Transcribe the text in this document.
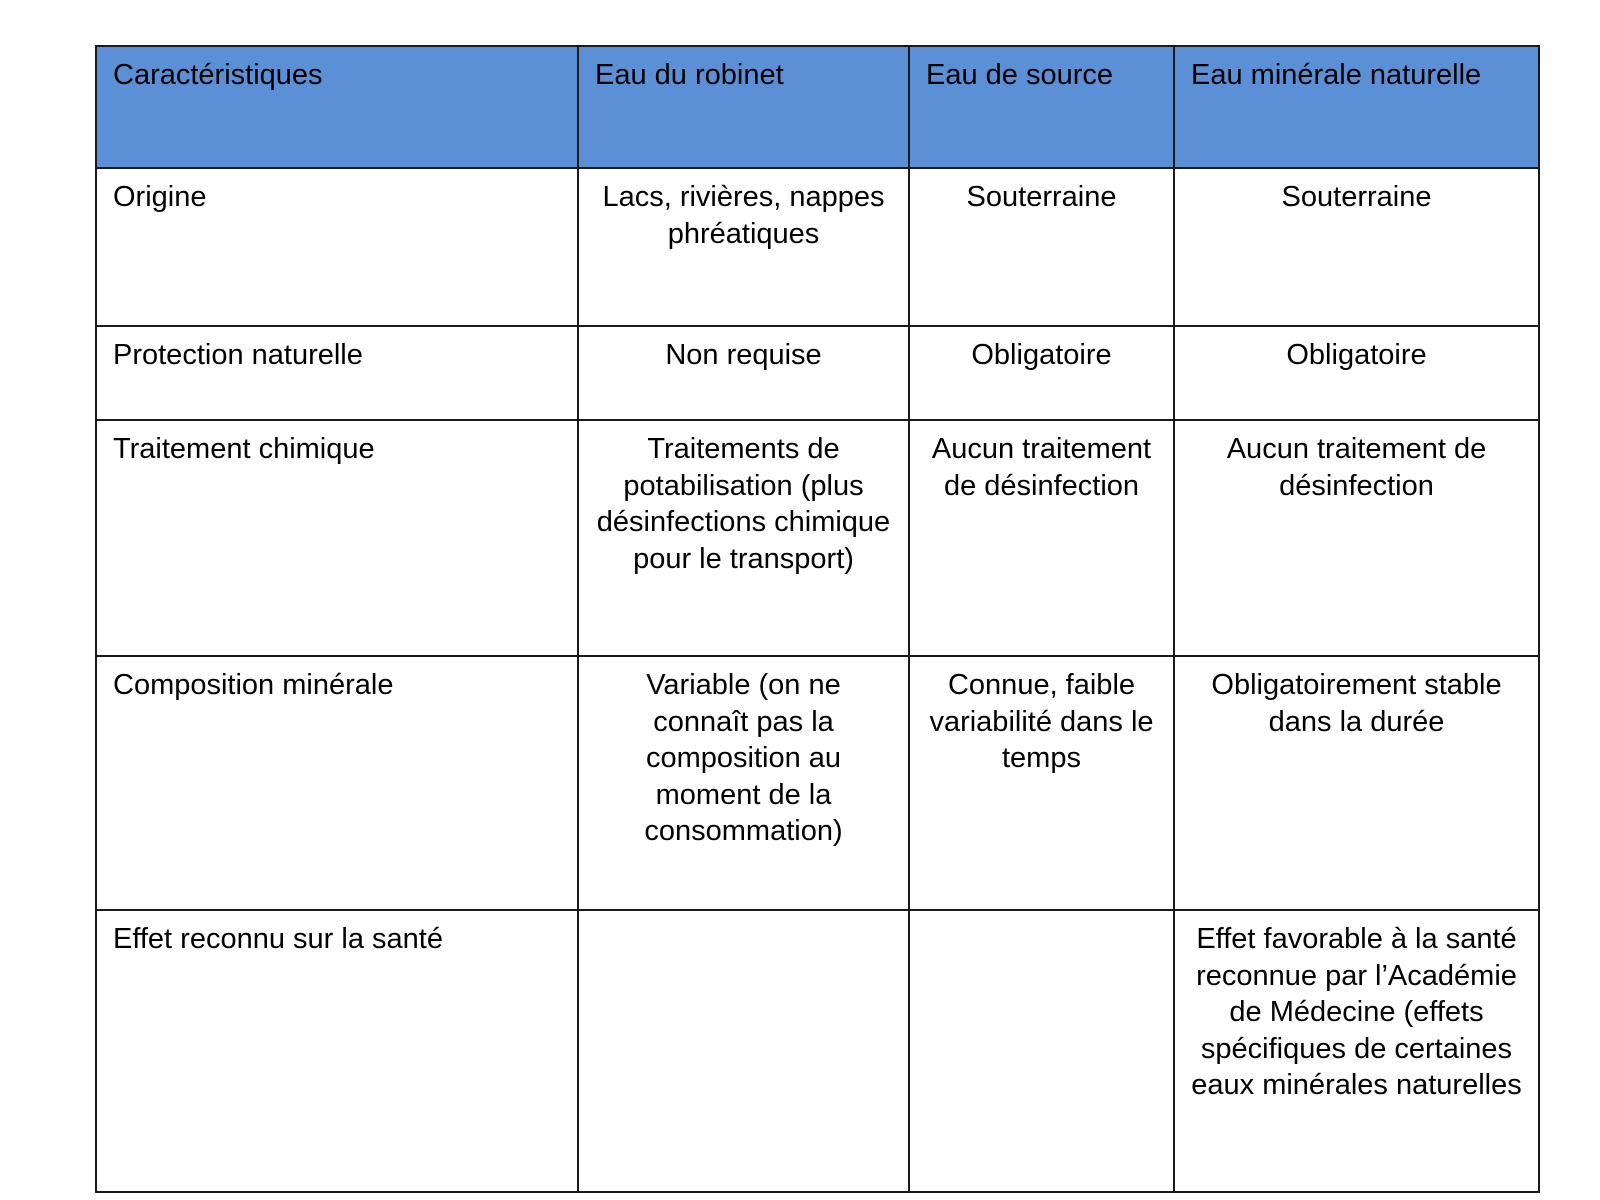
Caractéristiques	Eau du robinet	Eau de source	Eau minérale naturelle
Origine	Lacs, rivières, nappes phréatiques	Souterraine	Souterraine
Protection naturelle	Non requise	Obligatoire	Obligatoire
Traitement chimique	Traitements de potabilisation (plus désinfections chimique pour le transport)	Aucun traitement de désinfection	Aucun traitement de désinfection
Composition minérale	Variable (on ne connaît pas la composition au moment de la consommation)	Connue, faible variabilité dans le temps	Obligatoirement stable dans la durée
Effet reconnu sur la santé			Effet favorable à la santé reconnue par l’Académie de Médecine (effets spécifiques de certaines eaux minérales naturelles
